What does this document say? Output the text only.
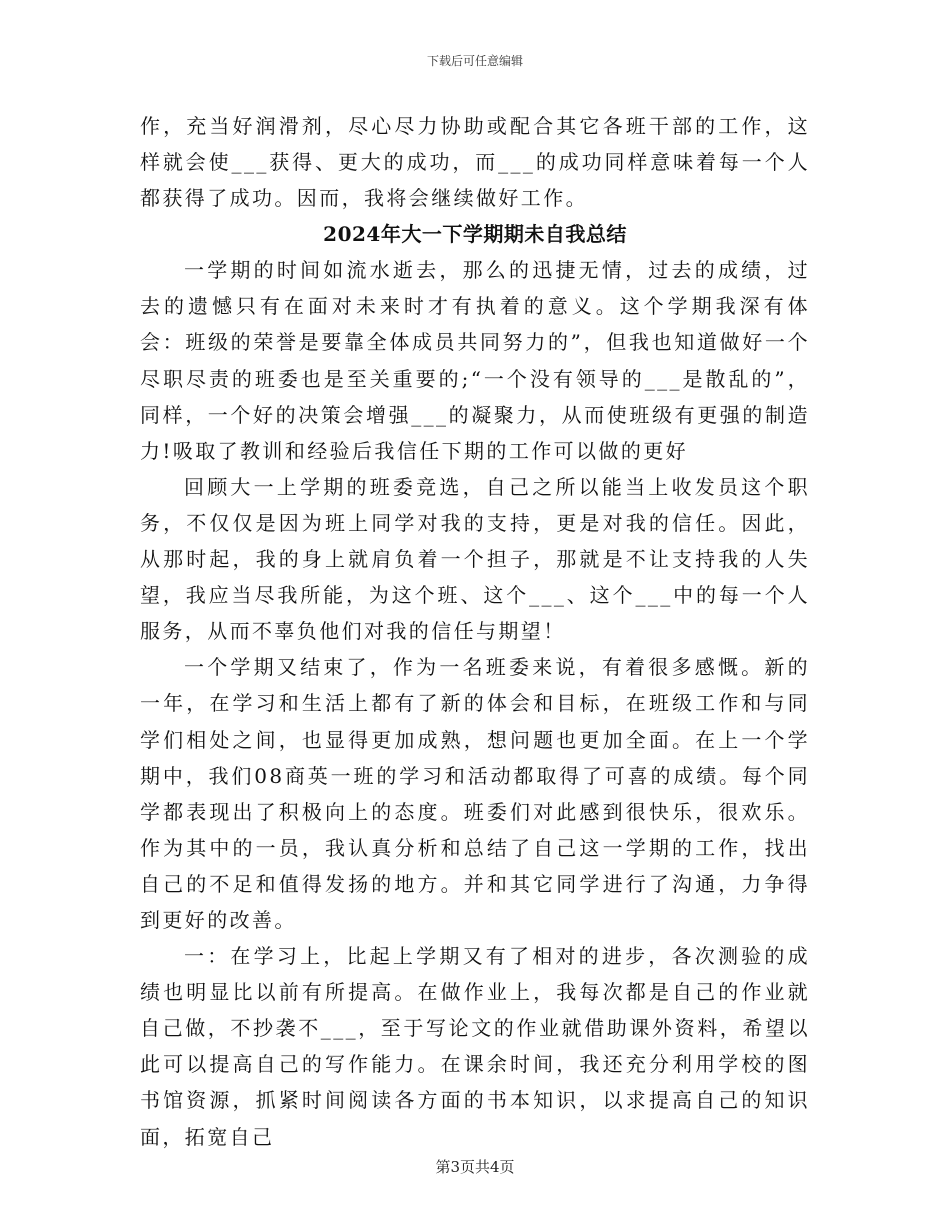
下载后可任意编辑

作，充当好润滑剂，尽心尽力协助或配合其它各班干部的工作，这样就会使___获得、更大的成功，而___的成功同样意味着每一个人都获得了成功。因而，我将会继续做好工作。

2024年大一下学期期未自我总结

一学期的时间如流水逝去，那么的迅捷无情，过去的成绩，过去的遗憾只有在面对未来时才有执着的意义。这个学期我深有体会：班级的荣誉是要靠全体成员共同努力的”，但我也知道做好一个尽职尽责的班委也是至关重要的;“一个没有领导的___是散乱的”，同样，一个好的决策会增强___的凝聚力，从而使班级有更强的制造力!吸取了教训和经验后我信任下期的工作可以做的更好

回顾大一上学期的班委竞选，自己之所以能当上收发员这个职务，不仅仅是因为班上同学对我的支持，更是对我的信任。因此，从那时起，我的身上就肩负着一个担子，那就是不让支持我的人失望，我应当尽我所能，为这个班、这个___、这个___中的每一个人服务，从而不辜负他们对我的信任与期望！

一个学期又结束了，作为一名班委来说，有着很多感慨。新的一年，在学习和生活上都有了新的体会和目标，在班级工作和与同学们相处之间，也显得更加成熟，想问题也更加全面。在上一个学期中，我们08商英一班的学习和活动都取得了可喜的成绩。每个同学都表现出了积极向上的态度。班委们对此感到很快乐，很欢乐。作为其中的一员，我认真分析和总结了自己这一学期的工作，找出自己的不足和值得发扬的地方。并和其它同学进行了沟通，力争得到更好的改善。

一：在学习上，比起上学期又有了相对的进步，各次测验的成绩也明显比以前有所提高。在做作业上，我每次都是自己的作业就自己做，不抄袭不___，至于写论文的作业就借助课外资料，希望以此可以提高自己的写作能力。在课余时间，我还充分利用学校的图书馆资源，抓紧时间阅读各方面的书本知识，以求提高自己的知识面，拓宽自己

第3页共4页
